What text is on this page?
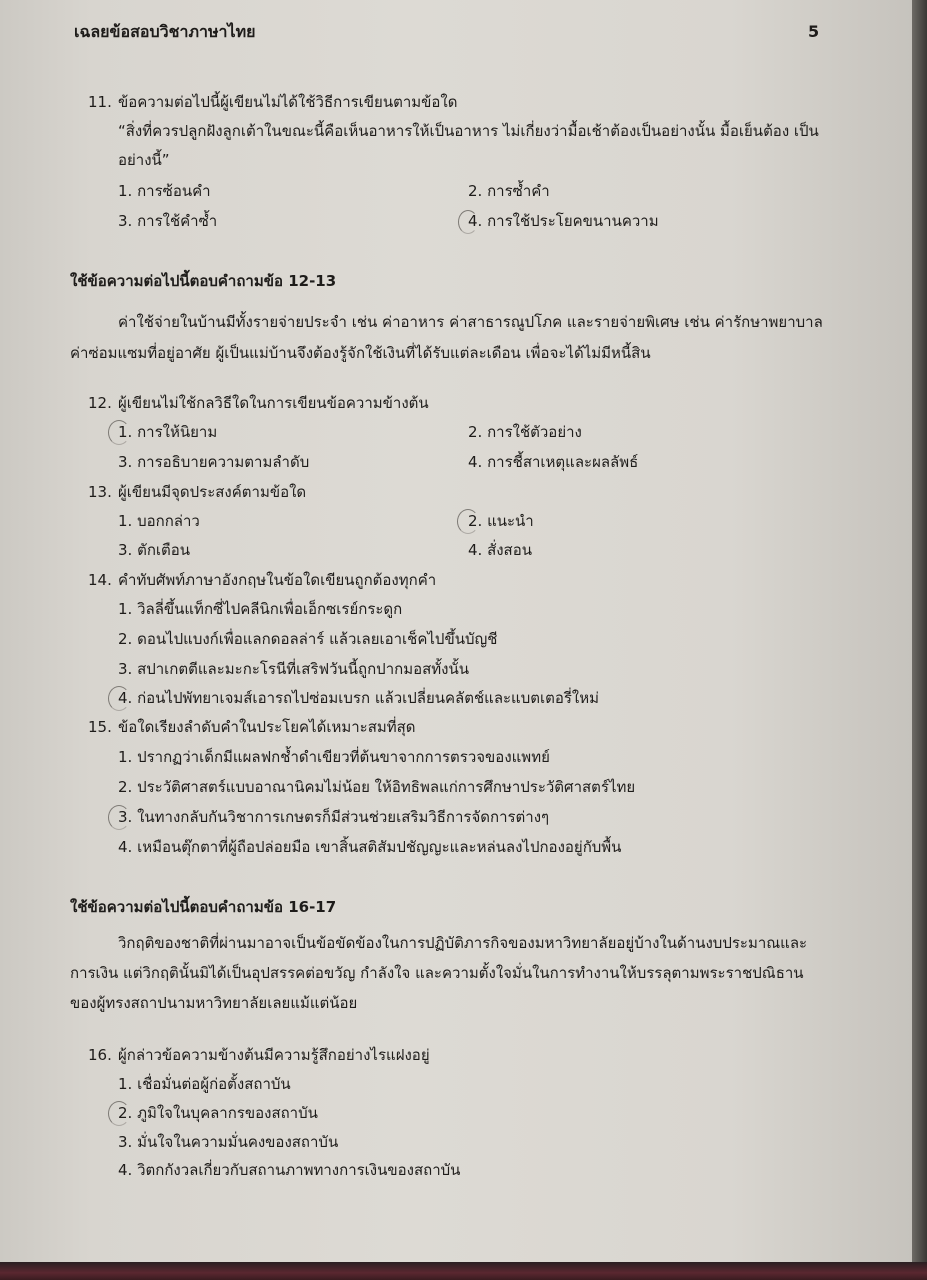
เฉลยข้อสอบวิชาภาษาไทย	5
11. ข้อความต่อไปนี้ผู้เขียนไม่ได้ใช้วิธีการเขียนตามข้อใด
“สิ่งที่ควรปลูกฝังลูกเต้าในขณะนี้คือเห็นอาหารให้เป็นอาหาร ไม่เกี่ยงว่ามื้อเช้าต้องเป็นอย่างนั้น มื้อเย็นต้อง เป็น
อย่างนี้”
1. การซ้อนคำ	2. การซ้ำคำ
3. การใช้คำซ้ำ	4. การใช้ประโยคขนานความ
ใช้ข้อความต่อไปนี้ตอบคำถามข้อ 12-13
ค่าใช้จ่ายในบ้านมีทั้งรายจ่ายประจำ เช่น ค่าอาหาร ค่าสาธารณูปโภค และรายจ่ายพิเศษ เช่น ค่ารักษาพยาบาล
ค่าซ่อมแซมที่อยู่อาศัย ผู้เป็นแม่บ้านจึงต้องรู้จักใช้เงินที่ได้รับแต่ละเดือน เพื่อจะได้ไม่มีหนี้สิน
12. ผู้เขียนไม่ใช้กลวิธีใดในการเขียนข้อความข้างต้น
1. การให้นิยาม	2. การใช้ตัวอย่าง
3. การอธิบายความตามลำดับ	4. การชี้สาเหตุและผลลัพธ์
13. ผู้เขียนมีจุดประสงค์ตามข้อใด
1. บอกกล่าว	2. แนะนำ
3. ตักเตือน	4. สั่งสอน
14. คำทับศัพท์ภาษาอังกฤษในข้อใดเขียนถูกต้องทุกคำ
1. วิลลี่ขึ้นแท็กซี่ไปคลีนิกเพื่อเอ็กซเรย์กระดูก
2. ดอนไปแบงก์เพื่อแลกดอลล่าร์ แล้วเลยเอาเช็คไปขึ้นบัญชี
3. สปาเกตตีและมะกะโรนีที่เสริฟวันนี้ถูกปากมอสทั้งนั้น
4. ก่อนไปพัทยาเจมส์เอารถไปซ่อมเบรก แล้วเปลี่ยนคลัตช์และแบตเตอรี่ใหม่
15. ข้อใดเรียงลำดับคำในประโยคได้เหมาะสมที่สุด
1. ปรากฏว่าเด็กมีแผลฟกช้ำดำเขียวที่ต้นขาจากการตรวจของแพทย์
2. ประวัติศาสตร์แบบอาณานิคมไม่น้อย ให้อิทธิพลแก่การศึกษาประวัติศาสตร์ไทย
3. ในทางกลับกันวิชาการเกษตรก็มีส่วนช่วยเสริมวิธีการจัดการต่างๆ
4. เหมือนตุ๊กตาที่ผู้ถือปล่อยมือ เขาสิ้นสติสัมปชัญญะและหล่นลงไปกองอยู่กับพื้น
ใช้ข้อความต่อไปนี้ตอบคำถามข้อ 16-17
วิกฤติของชาติที่ผ่านมาอาจเป็นข้อขัดข้องในการปฏิบัติภารกิจของมหาวิทยาลัยอยู่บ้างในด้านงบประมาณและ
การเงิน แต่วิกฤตินั้นมิได้เป็นอุปสรรคต่อขวัญ กำลังใจ และความตั้งใจมั่นในการทำงานให้บรรลุตามพระราชปณิธาน
ของผู้ทรงสถาปนามหาวิทยาลัยเลยแม้แต่น้อย
16. ผู้กล่าวข้อความข้างต้นมีความรู้สึกอย่างไรแฝงอยู่
1. เชื่อมั่นต่อผู้ก่อตั้งสถาบัน
2. ภูมิใจในบุคลากรของสถาบัน
3. มั่นใจในความมั่นคงของสถาบัน
4. วิตกกังวลเกี่ยวกับสถานภาพทางการเงินของสถาบัน
